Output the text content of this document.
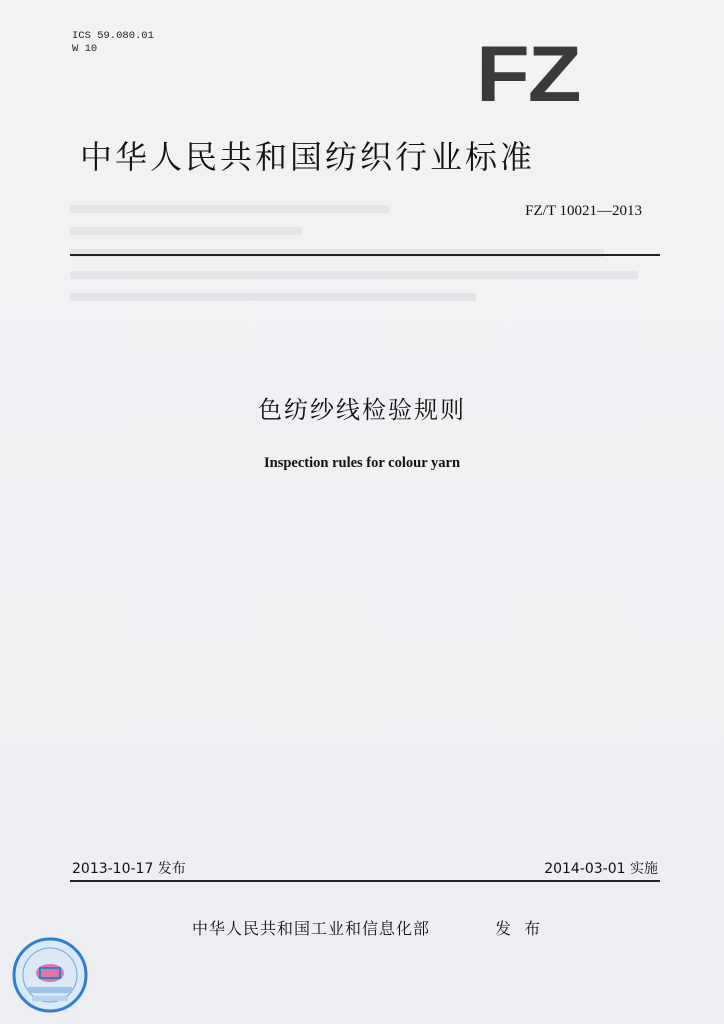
ICS 59.080.01
W 10	FZ
中华人民共和国纺织行业标准
FZ/T 10021—2013
色纺纱线检验规则
Inspection rules for colour yarn
2013-10-17 发布	2014-03-01 实施
中华人民共和国工业和信息化部	发 布
